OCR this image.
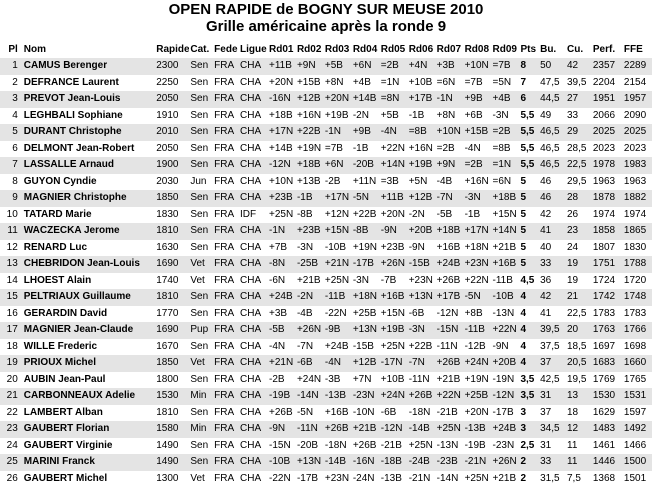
OPEN RAPIDE de BOGNY SUR MEUSE 2010
Grille américaine après la ronde 9
Pl	Nom	Rapide	Cat.	Fede	Ligue	Rd01	Rd02	Rd03	Rd04	Rd05	Rd06	Rd07	Rd08	Rd09	Pts	Bu.	Cu.	Perf.	FFE
1	CAMUS Berenger	2300	Sen	FRA	CHA	+11B	+9N	+5B	+6N	=2B	+4N	+3B	+10N	=7B	8	50	42	2357	2289
2	DEFRANCE Laurent	2250	Sen	FRA	CHA	+20N	+15B	+8N	+4B	=1N	+10B	=6N	=7B	=5N	7	47,5	39,5	2204	2154
3	PREVOT Jean-Louis	2050	Sen	FRA	CHA	-16N	+12B	+20N	+14B	=8N	+17B	-1N	+9B	+4B	6	44,5	27	1951	1957
4	LEGHBALI Sophiane	1910	Sen	FRA	CHA	+18B	+16N	+19B	-2N	+5B	-1B	+8N	+6B	-3N	5,5	49	33	2066	2090
5	DURANT Christophe	2010	Sen	FRA	CHA	+17N	+22B	-1N	+9B	-4N	=8B	+10N	+15B	=2B	5,5	46,5	29	2025	2025
6	DELMONT Jean-Robert	2050	Sen	FRA	CHA	+14B	+19N	=7B	-1B	+22N	+16N	=2B	-4N	=8B	5,5	46,5	28,5	2023	2023
7	LASSALLE Arnaud	1900	Sen	FRA	CHA	-12N	+18B	+6N	-20B	+14N	+19B	+9N	=2B	=1N	5,5	46,5	22,5	1978	1983
8	GUYON Cyndie	2030	Jun	FRA	CHA	+10N	+13B	-2B	+11N	=3B	+5N	-4B	+16N	=6N	5	46	29,5	1963	1963
9	MAGNIER Christophe	1850	Sen	FRA	CHA	+23B	-1B	+17N	-5N	+11B	+12B	-7N	-3N	+18B	5	46	28	1878	1882
10	TATARD Marie	1830	Sen	FRA	IDF	+25N	-8B	+12N	+22B	+20N	-2N	-5B	-1B	+15N	5	42	26	1974	1974
11	WACZECKA Jerome	1810	Sen	FRA	CHA	-1N	+23B	+15N	-8B	-9N	+20B	+18B	+17N	+14N	5	41	23	1858	1865
12	RENARD Luc	1630	Sen	FRA	CHA	+7B	-3N	-10B	+19N	+23B	-9N	+16B	+18N	+21B	5	40	24	1807	1830
13	CHEBRIDON Jean-Louis	1690	Vet	FRA	CHA	-8N	-25B	+21N	-17B	+26N	-15B	+24B	+23N	+16B	5	33	19	1751	1788
14	LHOEST Alain	1740	Vet	FRA	CHA	-6N	+21B	+25N	-3N	-7B	+23N	+26B	+22N	-11B	4,5	36	19	1724	1720
15	PELTRIAUX Guillaume	1810	Sen	FRA	CHA	+24B	-2N	-11B	+18N	+16B	+13N	+17B	-5N	-10B	4	42	21	1742	1748
16	GERARDIN David	1770	Sen	FRA	CHA	+3B	-4B	-22N	+25B	+15N	-6B	-12N	+8B	-13N	4	41	22,5	1783	1783
17	MAGNIER Jean-Claude	1690	Pup	FRA	CHA	-5B	+26N	-9B	+13N	+19B	-3N	-15N	-11B	+22N	4	39,5	20	1763	1766
18	WILLE Frederic	1670	Sen	FRA	CHA	-4N	-7N	+24B	-15B	+25N	+22B	-11N	-12B	-9N	4	37,5	18,5	1697	1698
19	PRIOUX Michel	1850	Vet	FRA	CHA	+21N	-6B	-4N	+12B	-17N	-7N	+26B	+24N	+20B	4	37	20,5	1683	1660
20	AUBIN Jean-Paul	1800	Sen	FRA	CHA	-2B	+24N	-3B	+7N	+10B	-11N	+21B	+19N	-19N	3,5	42,5	19,5	1769	1765
21	CARBONNEAUX Adelie	1530	Min	FRA	CHA	-19B	-14N	-13B	-23N	+24N	+26B	+22N	+25B	-12N	3,5	31	13	1530	1531
22	LAMBERT Alban	1810	Sen	FRA	CHA	+26B	-5N	+16B	-10N	-6B	-18N	-21B	+20N	-17B	3	37	18	1629	1597
23	GAUBERT Florian	1580	Min	FRA	CHA	-9N	-11N	+26B	+21B	-12N	-14B	+25N	-13B	+24B	3	34,5	12	1483	1492
24	GAUBERT Virginie	1490	Sen	FRA	CHA	-15N	-20B	-18N	+26B	-21B	+25N	-13N	-19B	-23N	2,5	31	11	1461	1466
25	MARINI Franck	1490	Sen	FRA	CHA	-10B	+13N	-14B	-16N	-18B	-24B	-23B	-21N	+26N	2	33	11	1446	1500
26	GAUBERT Michel	1300	Vet	FRA	CHA	-22N	-17B	+23N	-24N	-13B	-21N	-14N	+25N	+21B	2	31,5	7,5	1368	1501
